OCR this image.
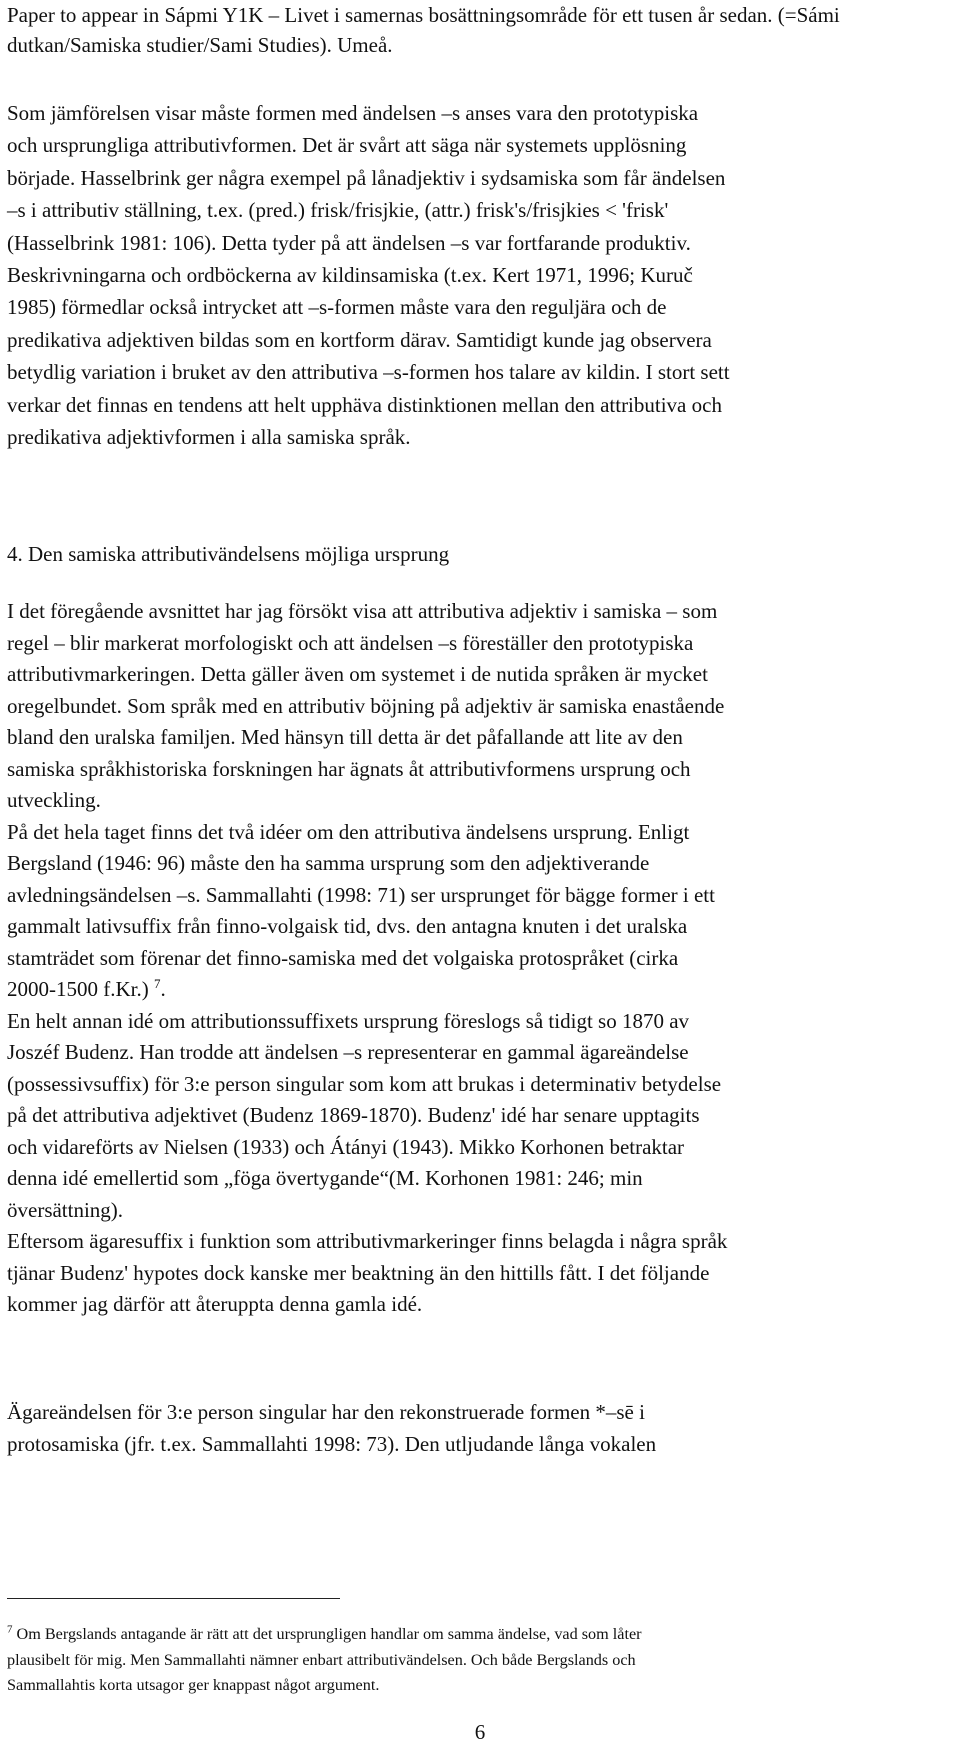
Paper to appear in Sápmi Y1K – Livet i samernas bosättningsområde för ett tusen år sedan. (=Sámi
dutkan/Samiska studier/Sami Studies). Umeå.
Som jämförelsen visar måste formen med ändelsen –s anses vara den prototypiska
och ursprungliga attributivformen. Det är svårt att säga när systemets upplösning
började. Hasselbrink ger några exempel på lånadjektiv i sydsamiska som får ändelsen
–s i attributiv ställning, t.ex. (pred.) frisk/frisjkie, (attr.) frisk's/frisjkies < 'frisk'
(Hasselbrink 1981: 106). Detta tyder på att ändelsen –s var fortfarande produktiv.
Beskrivningarna och ordböckerna av kildinsamiska (t.ex. Kert 1971, 1996; Kuruč
1985) förmedlar också intrycket att –s-formen måste vara den reguljära och de
predikativa adjektiven bildas som en kortform därav. Samtidigt kunde jag observera
betydlig variation i bruket av den attributiva –s-formen hos talare av kildin. I stort sett
verkar det finnas en tendens att helt upphäva distinktionen mellan den attributiva och
predikativa adjektivformen i alla samiska språk.
4. Den samiska attributivändelsens möjliga ursprung
I det föregående avsnittet har jag försökt visa att attributiva adjektiv i samiska – som
regel – blir markerat morfologiskt och att ändelsen –s föreställer den prototypiska
attributivmarkeringen. Detta gäller även om systemet i de nutida språken är mycket
oregelbundet. Som språk med en attributiv böjning på adjektiv är samiska enastående
bland den uralska familjen. Med hänsyn till detta är det påfallande att lite av den
samiska språkhistoriska forskningen har ägnats åt attributivformens ursprung och
utveckling.
På det hela taget finns det två idéer om den attributiva ändelsens ursprung. Enligt
Bergsland (1946: 96) måste den ha samma ursprung som den adjektiverande
avledningsändelsen –s. Sammallahti (1998: 71) ser ursprunget för bägge former i ett
gammalt lativsuffix från finno-volgaisk tid, dvs. den antagna knuten i det uralska
stamträdet som förenar det finno-samiska med det volgaiska protospråket (cirka
2000-1500 f.Kr.) $^7$.
En helt annan idé om attributionssuffixets ursprung föreslogs så tidigt so 1870 av
Joszéf Budenz. Han trodde att ändelsen –s representerar en gammal ägareändelse
(possessivsuffix) för 3:e person singular som kom att brukas i determinativ betydelse
på det attributiva adjektivet (Budenz 1869-1870). Budenz' idé har senare upptagits
och vidareförts av Nielsen (1933) och Átányi (1943). Mikko Korhonen betraktar
denna idé emellertid som „föga övertygande“(M. Korhonen 1981: 246; min
översättning).
Eftersom ägaresuffix i funktion som attributivmarkeringer finns belagda i några språk
tjänar Budenz' hypotes dock kanske mer beaktning än den hittills fått. I det följande
kommer jag därför att återuppta denna gamla idé.
Ägareändelsen för 3:e person singular har den rekonstruerade formen *–sē i
protosamiska (jfr. t.ex. Sammallahti 1998: 73). Den utljudande långa vokalen
$^7$ Om Bergslands antagande är rätt att det ursprungligen handlar om samma ändelse, vad som låter
plausibelt för mig. Men Sammallahti nämner enbart attributivändelsen. Och både Bergslands och
Sammallahtis korta utsagor ger knappast något argument.
6
